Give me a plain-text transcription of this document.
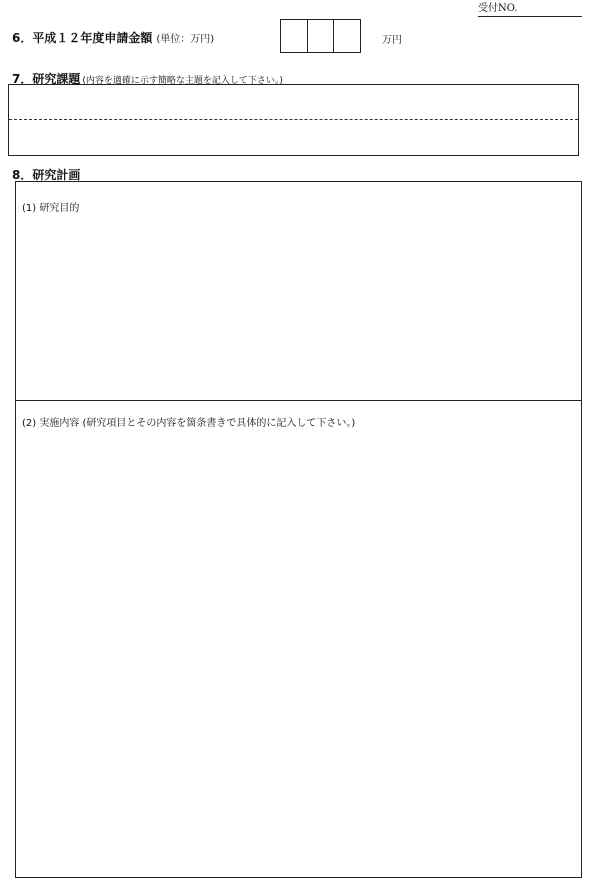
受付NO.
6．平成１２年度申請金額 (単位：万円)	万円
7．研究課題 (内容を適確に示す簡略な主題を記入して下さい。)
8．研究計画
(1) 研究目的
(2) 実施内容 (研究項目とその内容を箇条書きで具体的に記入して下さい。)
